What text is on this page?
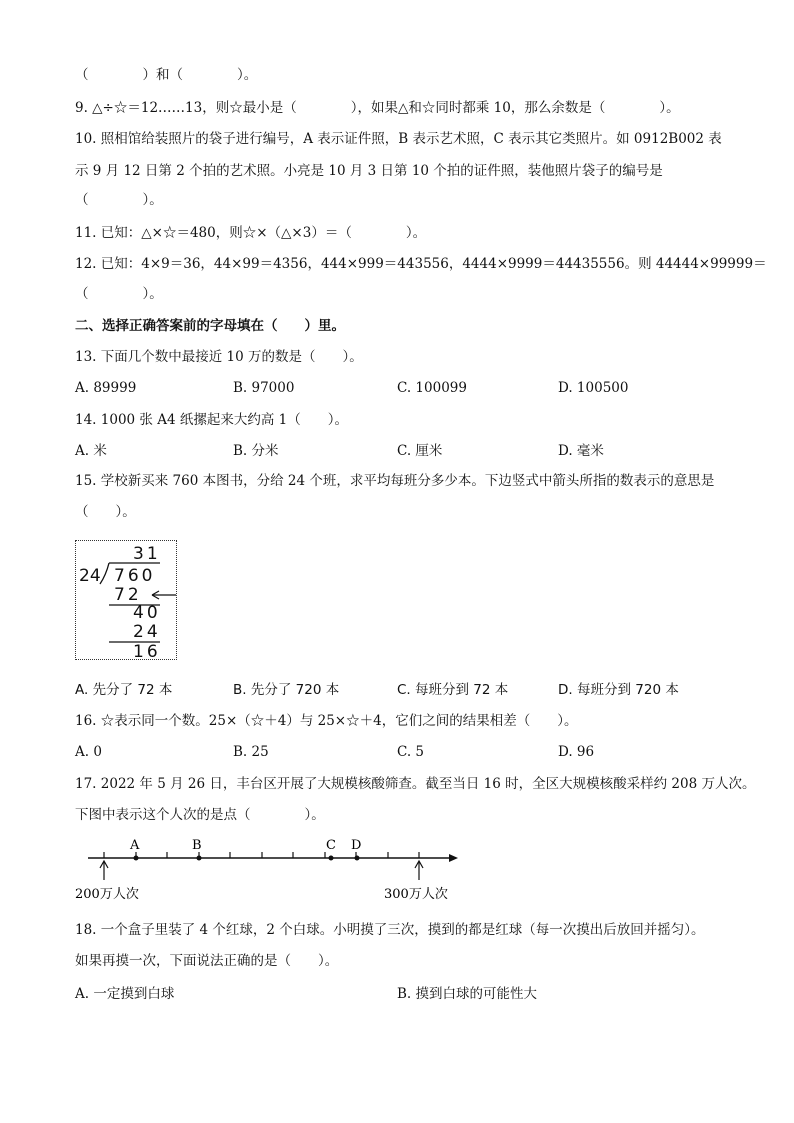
（　　　　）和（　　　　）。
9. △÷☆＝12……13，则☆最小是（　　　　），如果△和☆同时都乘 10，那么余数是（　　　　）。
10. 照相馆给装照片的袋子进行编号，A 表示证件照，B 表示艺术照，C 表示其它类照片。如 0912B002 表
示 9 月 12 日第 2 个拍的艺术照。小亮是 10 月 3 日第 10 个拍的证件照，装他照片袋子的编号是
（　　　　）。
11. 已知：△×☆＝480，则☆×（△×3）＝（　　　　）。
12. 已知：4×9＝36，44×99＝4356，444×999＝443556，4444×9999＝44435556。则 44444×99999＝
（　　　　）。
二、选择正确答案前的字母填在（　　）里。
13. 下面几个数中最接近 10 万的数是（　　）。
A. 89999	B. 97000	C. 100099	D. 100500
14. 1000 张 A4 纸摞起来大约高 1（　　）。
A. 米	B. 分米	C. 厘米	D. 毫米
15. 学校新买来 760 本图书，分给 24 个班，求平均每班分多少本。下边竖式中箭头所指的数表示的意思是
（　　）。
31
24 760
72
40
24
16
A. 先分了 72 本	B. 先分了 720 本	C. 每班分到 72 本	D. 每班分到 720 本
16. ☆表示同一个数。25×（☆＋4）与 25×☆＋4，它们之间的结果相差（　　）。
A. 0	B. 25	C. 5	D. 96
17. 2022 年 5 月 26 日，丰台区开展了大规模核酸筛查。截至当日 16 时，全区大规模核酸采样约 208 万人次。
下图中表示这个人次的是点（　　　　）。
A	B	C D
200万人次	300万人次
18. 一个盒子里装了 4 个红球，2 个白球。小明摸了三次，摸到的都是红球（每一次摸出后放回并摇匀）。
如果再摸一次，下面说法正确的是（　　）。
A. 一定摸到白球	B. 摸到白球的可能性大
